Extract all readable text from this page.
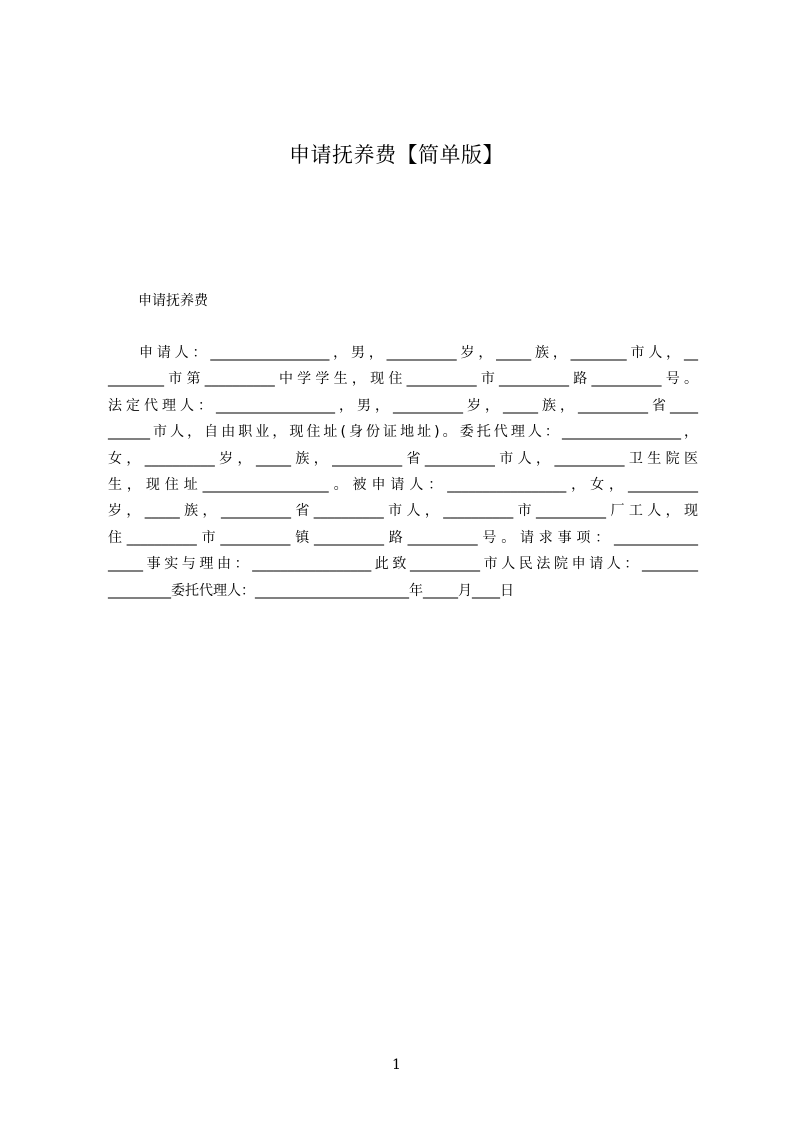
申请抚养费【简单版】
申请抚养费
申请人：_________________，男，__________岁，_____族，________市人，__
________市第__________中学学生，现住__________市__________路__________号。
法定代理人：_________________，男，__________岁，_____族，__________省____
______市人，自由职业，现住址(身份证地址)。委托代理人：_________________，
女，__________岁，_____族，__________省__________市人，__________卫生院医
生，现住址__________________。被申请人：_________________，女，__________
岁，_____族，__________省__________市人，__________市__________厂工人，现
住__________市__________镇__________路__________号。请求事项：____________
_____事实与理由：_________________此致__________市人民法院申请人：________
_________委托代理人：______________________年_____月____日
1
